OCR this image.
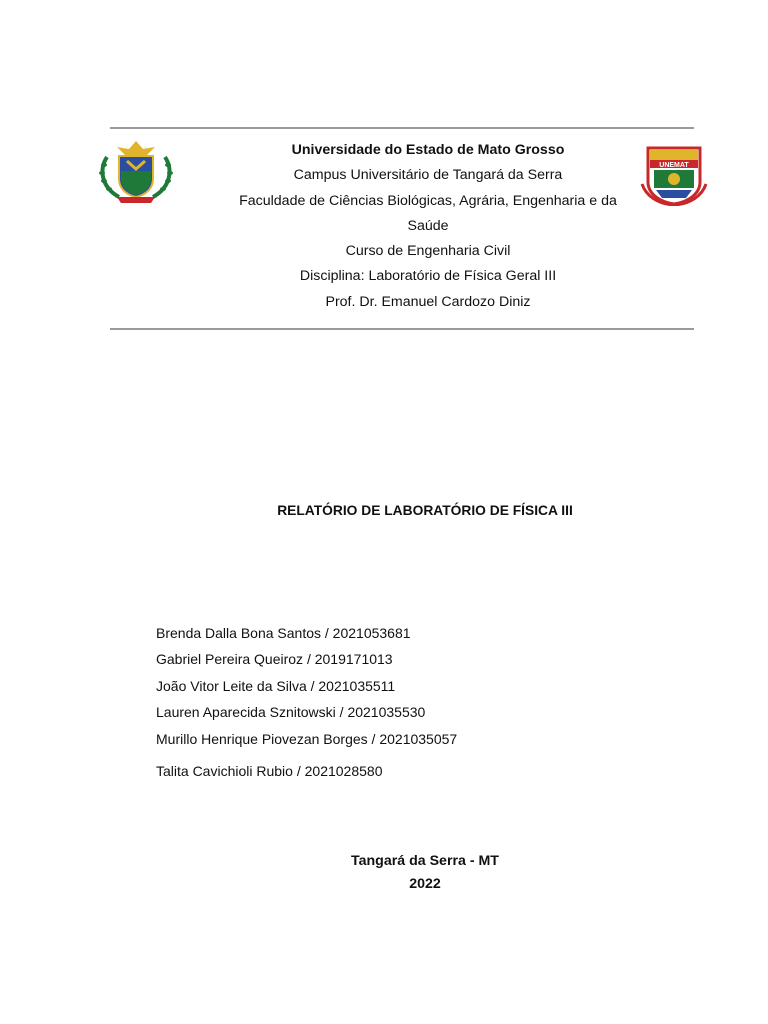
UNEMAT
Universidade do Estado de Mato Grosso
Campus Universitário de Tangará da Serra
Faculdade de Ciências Biológicas, Agrária, Engenharia e da
Saúde
Curso de Engenharia Civil
Disciplina: Laboratório de Física Geral III
Prof. Dr. Emanuel Cardozo Diniz
RELATÓRIO DE LABORATÓRIO DE FÍSICA III
Brenda Dalla Bona Santos / 2021053681
Gabriel Pereira Queiroz / 2019171013
João Vitor Leite da Silva / 2021035511
Lauren Aparecida Sznitowski / 2021035530
Murillo Henrique Piovezan Borges / 2021035057
Talita Cavichioli Rubio / 2021028580
Tangará da Serra - MT
2022
